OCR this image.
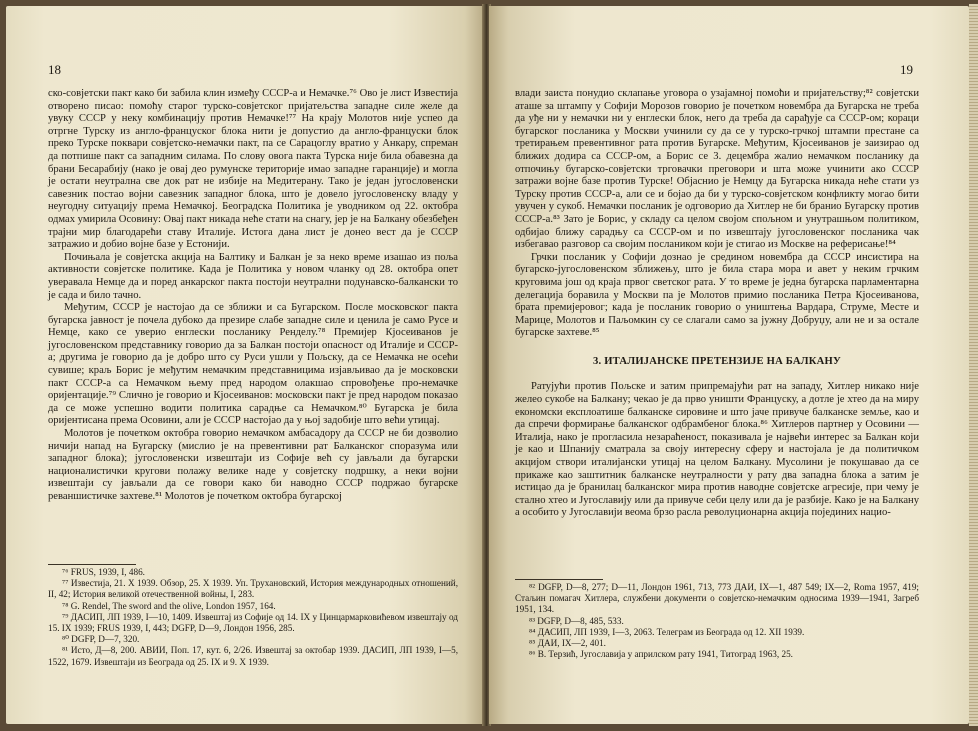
18

ско-совјетски пакт како би забила клин између СССР-а и Немачке.⁷⁶ Ово је лист Известија отворено писао: помоћу старог турско-совјетског пријатељства западне силе желе да увуку СССР у неку комбинацију против Немачке!⁷⁷ На крају Молотов није успео да отргне Турску из англо-француског блока нити је допустио да англо-француски блок преко Турске поквари совјетско-немачки пакт, па се Сарацоглу вратио у Анкару, спреман да потпише пакт са западним силама. По слову овога пакта Турска није била обавезна да брани Бесарабију (нако је овај део румунске територије имао западне гаранције) и могла је остати неутрална све док рат не избије на Медитерану. Тако је један југословенски савезник постао војни савезник западног блока, што је довело југословенску владу у неугодну ситуацију према Немачкој. Београдска Политика је уводником од 22. октобра одмах умирила Осовину: Овај пакт никада неће стати на снагу, јер је на Балкану обезбеђен трајни мир благодарећи ставу Италије. Истога дана лист је донео вест да је СССР затражио и добио војне базе у Естонији.

Почињала је совјетска акција на Балтику и Балкан је за неко време изашао из поља активности совјетске политике. Када је Политика у новом чланку од 28. октобра опет уверавала Немце да и поред анкарског пакта постоји неутрални подунавско-балкански то је сада и било тачно.

Међутим, СССР је настојао да се зближи и са Бугарском. После московског пакта бугарска јавност је почела дубоко да презире слабе западне силе и ценила је само Русе и Немце, како се уверио енглески посланику Ренделу.⁷⁸ Премијер Кјосеиванов је југословенском представнику говорио да за Балкан постоји опасност од Италије и СССР-а; другима је говорио да је добро што су Руси ушли у Пољску, да се Немачка не осећи сувише; краљ Борис је међутим немачким представницима изјављивао да је московски пакт СССР-а са Немачком њему пред народом олакшао спровођење про-немачке оријентације.⁷⁹ Слично је говорио и Кјосеиванов: московски пакт је пред народом показао да се може успешно водити политика сарадње са Немачком.⁸⁰ Бугарска је била оријентисана према Осовини, али је СССР настојао да у њој задобије што већи утицај.

Молотов је почетком октобра говорио немачком амбасадору да СССР не би дозволио ничији напад на Бугарску (мислио је на превентивни рат Балканског споразума или западног блока); југословенски извештаји из Софије већ су јављали да бугарски националистички кругови полажу велике наде у совјетску подршку, а неки војни извештаји су јављали да се говори како би наводно СССР подржао бугарске реваншистичке захтеве.⁸¹ Молотов је почетком октобра бугарској

⁷⁶ FRUS, 1939, I, 486.
⁷⁷ Известија, 21. X 1939. Обзор, 25. X 1939. Уп. Трухановский, История международных отношений, II, 42; История великой отечественной войны, I, 283.
⁷⁸ G. Rendel, The sword and the olive, London 1957, 164.
⁷⁹ ДАСИП, ЛП 1939, I—10, 1409. Извештај из Софије од 14. IX у Цинцармарковићевом извештају од 15. IX 1939; FRUS 1939, I, 443; DGFP, D—9, Лондон 1956, 285.
⁸⁰ DGFP, D—7, 320.
⁸¹ Исто, Д—8, 200. АВИИ, Поп. 17, кут. 6, 2/26. Извештај за октобар 1939. ДАСИП, ЛП 1939, I—5, 1522, 1679. Извештаји из Београда од 25. IX и 9. X 1939.
19

влади заиста понудио склапање уговора о узајамној помоћи и пријатељству;⁸² совјетски аташе за штампу у Софији Морозов говорио је почетком новембра да Бугарска не треба да уђе ни у немачки ни у енглески блок, него да треба да сарађује са СССР-ом; кораци бугарског посланика у Москви учинили су да се у турско-грчкој штампи престане са третирањем превентивног рата против Бугарске. Међутим, Кјосеиванов је заизирао од ближих додира са СССР-ом, а Борис се 3. децембра жалио немачком посланику да отпочињу бугарско-совјетски трговачки преговори и шта може учинити ако СССР затражи војне базе против Турске! Објаснио је Немцу да Бугарска никада неће стати уз Турску против СССР-а, али се и бојао да би у турско-совјетском конфликту могао бити увучен у сукоб. Немачки посланик је одговорио да Хитлер не би бранио Бугарску против СССР-а.⁸³ Зато је Борис, у складу са целом својом спољном и унутрашњом политиком, одбијао ближу сарадњу са СССР-ом и по извештају југословенског посланика чак избегавао разговор са својим послаником који је стигао из Москве на реферисање!⁸⁴

Грчки посланик у Софији дознао је средином новембра да СССР инсистира на бугарско-југословенском зближењу, што је била стара мора и авет у неким грчким круговима још од краја првог светског рата. У то време је једна бугарска парламентарна делегација боравила у Москви па је Молотов примио посланика Петра Кјосеиванова, брата премијеровог; када је посланик говорио о уништења Вардара, Струме, Месте и Марице, Молотов и Паљомкин су се слагали само за јужну Добруџу, али не и за остале бугарске захтеве.⁸⁵

3. ИТАЛИЈАНСКЕ ПРЕТЕНЗИЈЕ НА БАЛКАНУ

Ратујући против Пољске и затим припремајући рат на западу, Хитлер никако није желео сукобе на Балкану; чекао је да прво уништи Француску, а дотле је хтео да на миру економски експлоатише балканске сировине и што јаче привуче балканске земље, као и да спречи формирање балканског одбрамбеног блока.⁸⁶ Хитлеров партнер у Осовини — Италија, нако је прогласила незараћеност, показивала је највећи интерес за Балкан који је као и Шпанију сматрала за своју интересну сферу и настојала је да политичком акцијом створи италијански утицај на целом Балкану. Мусолини је покушавао да се прикаже као заштитник балканске неутралности у рату два западна блока а затим је истицао да је бранилац балканског мира против наводне совјетске агресије, при чему је стално хтео и Југославију или да привуче себи целу или да је разбије. Како је на Балкану а особито у Југославији веома брзо расла револуционарна акција појединих нацио-

⁸² DGFP, D—8, 277; D—11, Лондон 1961, 713, 773 ДАИ, IX—1, 487 549; IX—2, Roma 1957, 419; Стаљин помагач Хитлера, службени документи о совјетско-немачким односима 1939—1941, Загреб 1951, 134.
⁸³ DGFP, D—8, 485, 533.
⁸⁴ ДАСИП, ЛП 1939, I—3, 2063. Телеграм из Београда од 12. XII 1939.
⁸⁵ ДАИ, IX—2, 401.
⁸⁶ В. Терзић, Југославија у априлском рату 1941, Титоград 1963, 25.
